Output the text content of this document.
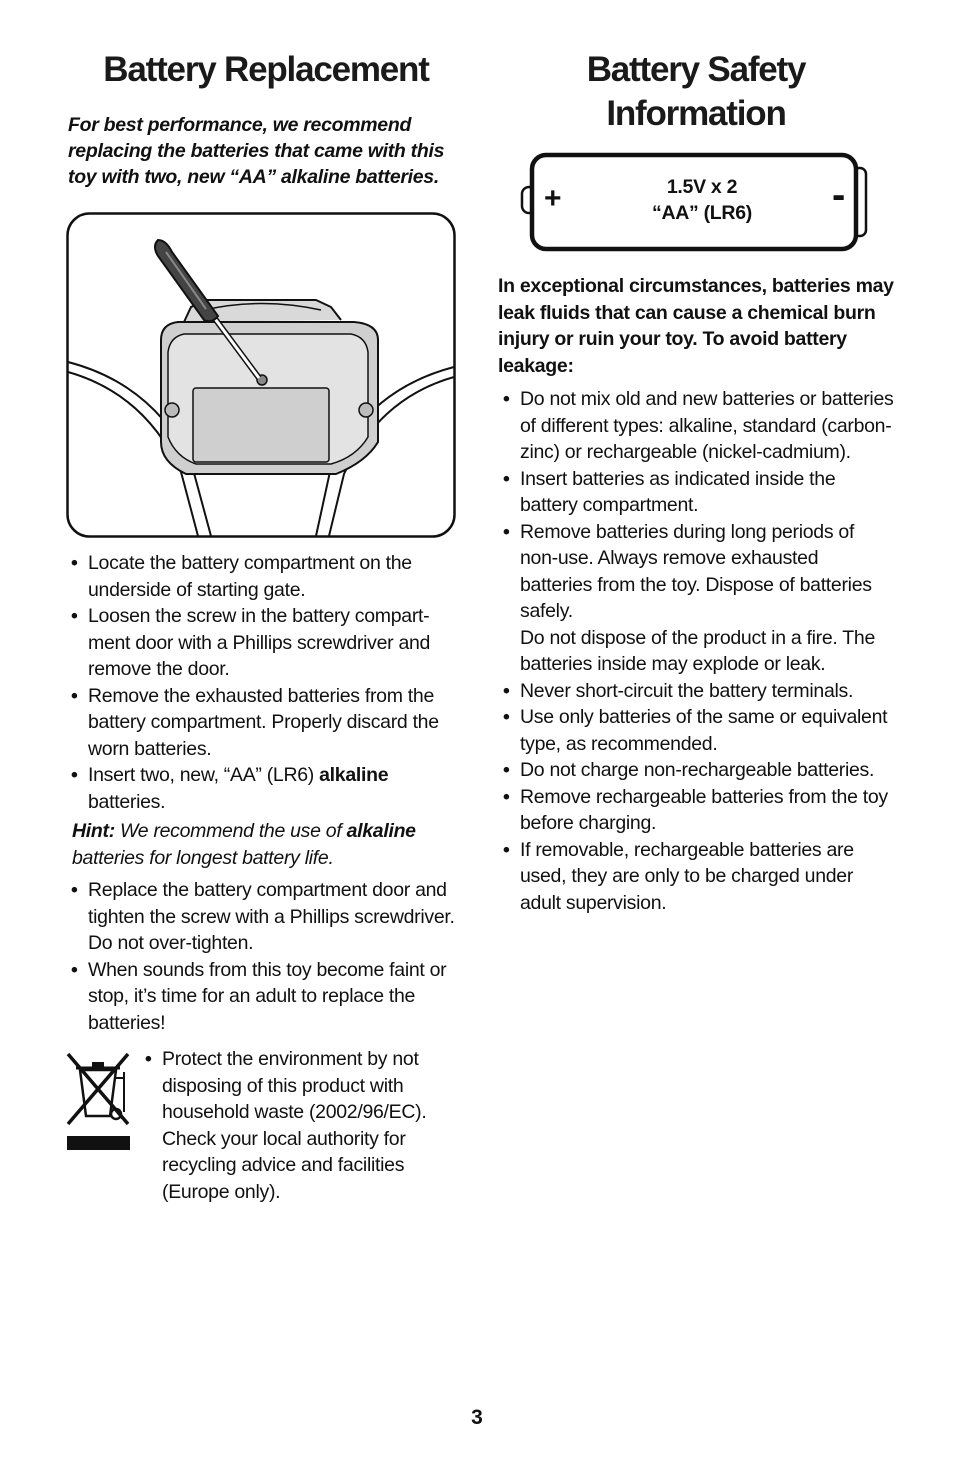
Battery Replacement
For best performance, we recommend replacing the batteries that came with this toy with two, new “AA” alkaline batteries.
• Locate the battery compartment on the underside of starting gate.
• Loosen the screw in the battery compart-ment door with a Phillips screwdriver and remove the door.
• Remove the exhausted batteries from the battery compartment. Properly discard the worn batteries.
• Insert two, new, “AA” (LR6) alkaline
batteries.
Hint: We recommend the use of alkaline
batteries for longest battery life.
• Replace the battery compartment door and tighten the screw with a Phillips screwdriver. Do not over-tighten.
• When sounds from this toy become faint or stop, it’s time for an adult to replace the batteries!
• Protect the environment by not disposing of this product with household waste (2002/96/EC). Check your local authority for recycling advice and facilities (Europe only).
Battery Safety
Information
+	-
1.5V x 2
“AA” (LR6)
In exceptional circumstances, batteries may leak fluids that can cause a chemical burn injury or ruin your toy. To avoid battery leakage:
• Do not mix old and new batteries or batteries of different types: alkaline, standard (carbon-zinc) or rechargeable (nickel-cadmium).
• Insert batteries as indicated inside the battery compartment.
• Remove batteries during long periods of non-use. Always remove exhausted batteries from the toy. Dispose of batteries safely.
Do not dispose of the product in a fire. The batteries inside may explode or leak.
• Never short-circuit the battery terminals.
• Use only batteries of the same or equivalent type, as recommended.
• Do not charge non-rechargeable batteries.
• Remove rechargeable batteries from the toy before charging.
• If removable, rechargeable batteries are used, they are only to be charged under adult supervision.
3
